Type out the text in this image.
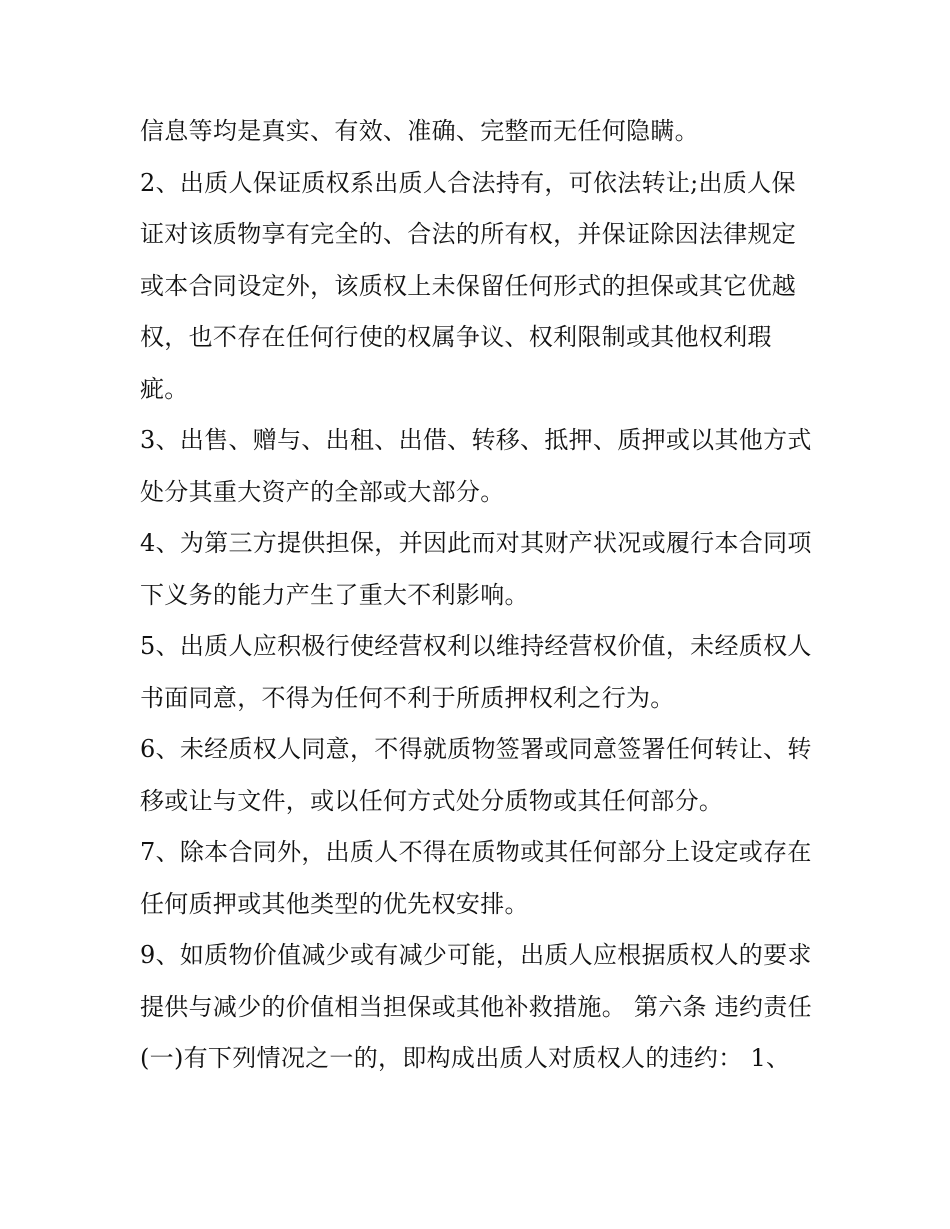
信息等均是真实、有效、准确、完整而无任何隐瞒。

2、出质人保证质权系出质人合法持有，可依法转让;出质人保证对该质物享有完全的、合法的所有权，并保证除因法律规定或本合同设定外，该质权上未保留任何形式的担保或其它优越权，也不存在任何行使的权属争议、权利限制或其他权利瑕疵。

3、出售、赠与、出租、出借、转移、抵押、质押或以其他方式处分其重大资产的全部或大部分。

4、为第三方提供担保，并因此而对其财产状况或履行本合同项下义务的能力产生了重大不利影响。

5、出质人应积极行使经营权利以维持经营权价值，未经质权人书面同意，不得为任何不利于所质押权利之行为。

6、未经质权人同意，不得就质物签署或同意签署任何转让、转移或让与文件，或以任何方式处分质物或其任何部分。

7、除本合同外，出质人不得在质物或其任何部分上设定或存在任何质押或其他类型的优先权安排。

9、如质物价值减少或有减少可能，出质人应根据质权人的要求提供与减少的价值相当担保或其他补救措施。 第六条 违约责任

(一)有下列情况之一的，即构成出质人对质权人的违约： 1、
